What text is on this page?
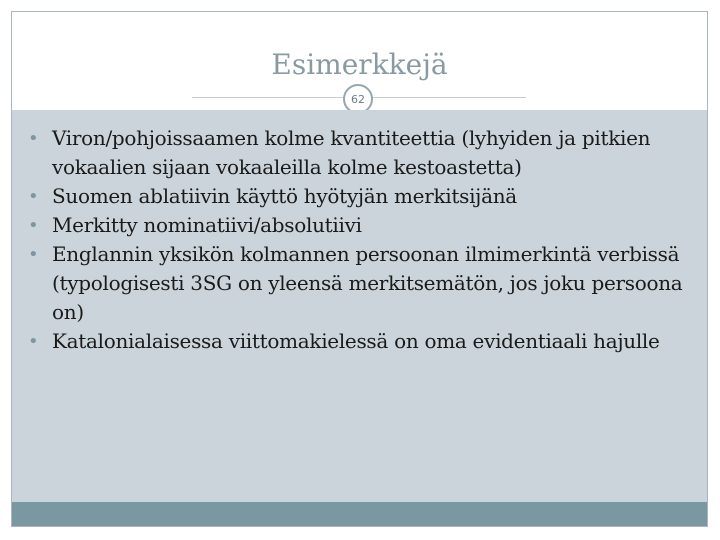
Esimerkkejä
62
• Viron/pohjoissaamen kolme kvantiteettia (lyhyiden ja pitkien vokaalien sijaan vokaaleilla kolme kestoastetta)
• Suomen ablatiivin käyttö hyötyjän merkitsijänä
• Merkitty nominatiivi/absolutiivi
• Englannin yksikön kolmannen persoonan ilmimerkintä verbissä (typologisesti 3SG on yleensä merkitsemätön, jos joku persoona on)
• Katalonialaisessa viittomakielessä on oma evidentiaali hajulle
